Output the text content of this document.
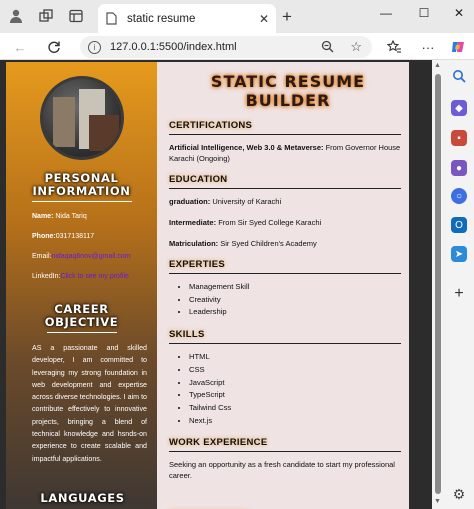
static resume	✕ +	—	☐	✕
←	i	127.0.0.1:5500/index.html	☆	···
PERSONAL INFORMATION
Name: Nida Tariq
Phone:0317138117
Email:nidaqaq6nov@gmail.com
LinkedIn:Click to see my profile
CAREER OBJECTIVE
AS a passionate and skilled developer, I am committed to leveraging my strong foundation in web development and expertise across diverse technologies. I aim to contribute effectively to innovative projects, bringing a blend of technical knowledge and hsnds-on experience to create scalable and impactful applications.
LANGUAGES
STATIC RESUME BUILDER
CERTIFICATIONS
Artificial Intelligence, Web 3.0 & Metaverse: From Governor House Karachi (Ongoing)
EDUCATION
graduation: University of Karachi
Intermediate: From Sir Syed College Karachi
Matriculation: Sir Syed Children's Academy
EXPERTIES
• Management Skill
• Creativity
• Leadership
SKILLS
• HTML
• CSS
• JavaScript
• TypeScript
• Tailwind Css
• Next.js
WORK EXPERIENCE
Seeking an opportunity as a fresh candidate to start my professional career.
▲
▼
◆
▪
●
○
O
➤
+
⚙
